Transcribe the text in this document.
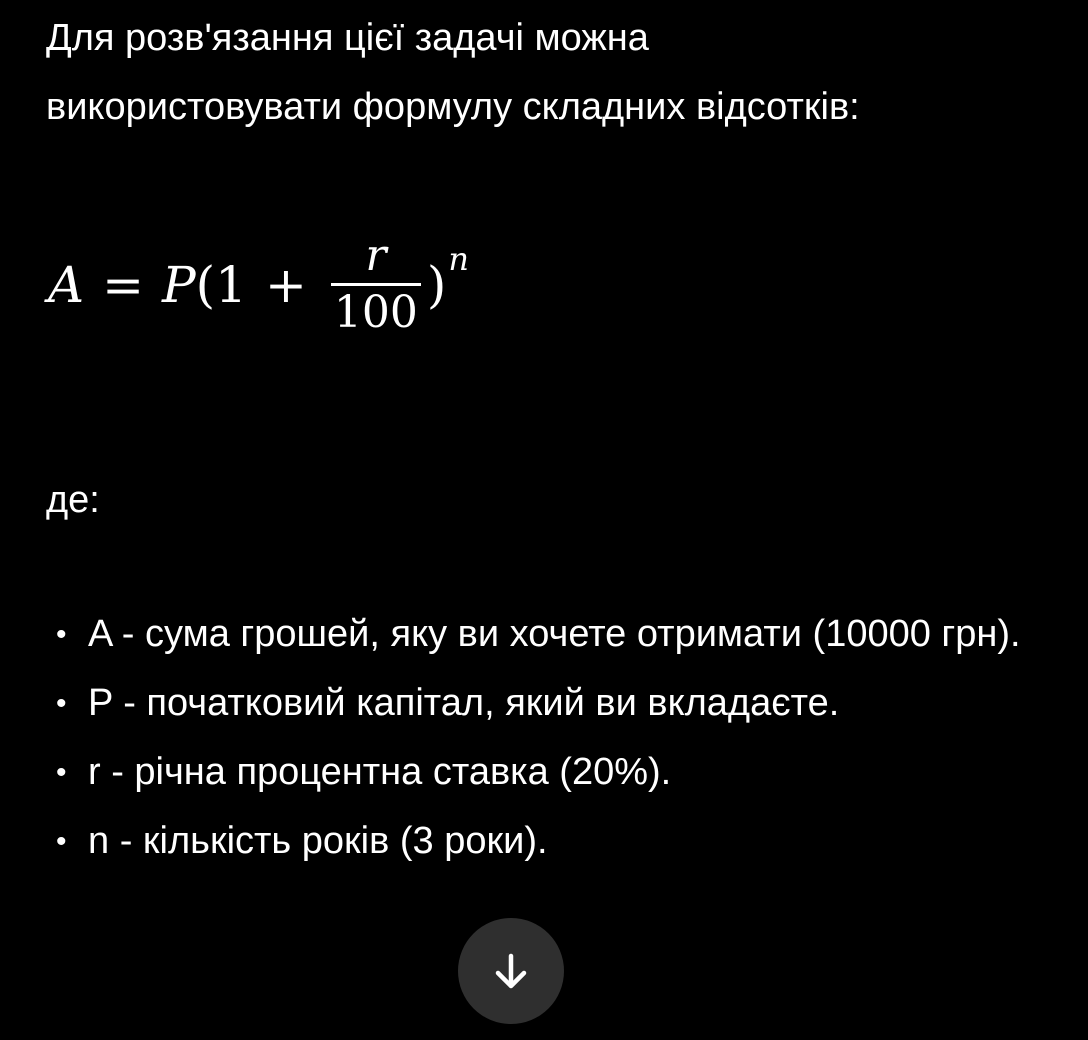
Для розв'язання цієї задачі можна
використовувати формулу складних відсотків:
A = P ($1 + \frac{r}{100}$ ) n
де:
• A - сума грошей, яку ви хочете отримати (10000 грн).
• P - початковий капітал, який ви вкладаєте.
• r - річна процентна ставка (20%).
• n - кількість років (3 роки).
